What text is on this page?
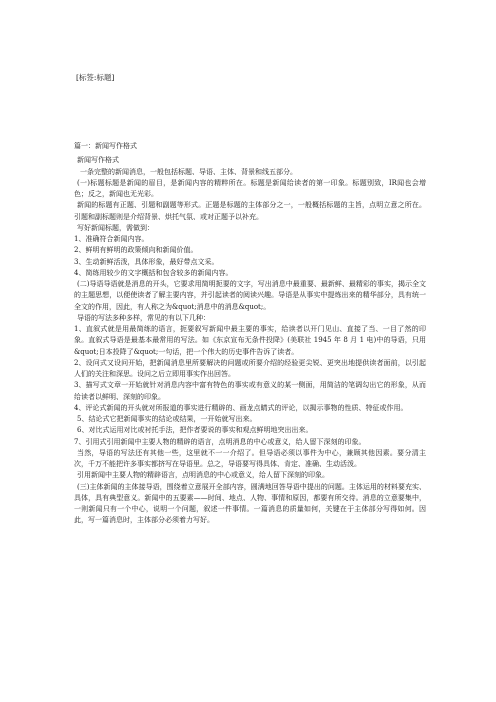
[标签:标题]

篇一：新闻写作格式

新闻写作格式

一条完整的新闻消息，一般包括标题、导语、主体、背景和线五部分。

(一)标题标题是新闻的眉目，是新闻内容的精粹所在。标题是新闻给读者的第一印象。标题别致，IR闻也会增色；反之，新闻也无光彩。

新闻的标题有正题、引题和副题等形式。正题是标题的主体部分之一，一般概括标题的主旨，点明立意之所在。引题和副标题则是介绍背景、烘托气氛、或对正题予以补充。

写好新闻标题，需做到：

1、准确符合新闻内容。

2、鲜明有鲜明的政策倾向和新闻价值。

3、生动新鲜活泼，具体形象，最好带点文采。

4、简练用较少的文字概括和包含较多的新闻内容。

(二)导语导语就是消息的开头，它要求用简明扼要的文字，写出消息中最重要、最新鲜、最精彩的事实，揭示全文的主题思想，以便使读者了解主要内容，并引起读者的阅读兴趣。导语是从事实中提炼出来的精华部分，具有统一全文的作用，因此，有人称之为&quot;消息中的消息&quot;。

导语的写法多种多样，常见的有以下几种：

1、直叙式就是用最简练的语言，扼要叙写新闻中最主要的事实，给读者以开门见山、直接了当、一目了然的印象。直叙式导语是最基本最常用的写法。如《东京宣布无条件投降》(美联社 1945 年 8 月 1 电)中的导语，只用&quot;日本投降了&quot;一句话，把一个伟大的历史事件告诉了读者。

2、设问式又设问开始，把新闻消息里所要解决的问题或所要介绍的经验更尖锐、更突出地提供读者面前，以引起人们的关注和深思。设问之后立即用事实作出回答。

3、描写式文章一开始就针对消息内容中富有特色的事实或有意义的某一侧面，用简洁的笔调勾出它的形象，从而给读者以鲜明、深刻的印象。

4、评论式新闻的开头就对所报道的事实进行精辟的、画龙点睛式的评论，以揭示事物的性质、特征或作用。

5、结论式它把新闻事实的结论或结果，一开始就写出来。

6、对比式运用对比或衬托手法，把作者要说的事实和观点鲜明地突出出来。

7、引用式引用新闻中主要人物的精辟的语言，点明消息的中心或意义，给人留下深刻的印象。

当然，导语的写法还有其他一些，这里就不一一介绍了。但导语必须以事件为中心，兼顾其他因素。要分清主次，千万不能把许多事实都挤写在导语里。总之，导语要写得具体、肯定、准确、生动活泼。

引用新闻中主要人物的精辟语言，点明消息的中心或意义，给人留下深刻的印象。

(三)主体新闻的主体接导语，围绕着立意展开全部内容，圆满地回答导语中提出的问题。主体运用的材料要充实、具体，具有典型意义。新闻中的五要素——时间、地点、人物、事情和原因，都要有所交待。消息的立意要集中，一则新闻只有一个中心，说明一个问题，叙述一件事情。一篇消息的质量如何，关键在于主体部分写得如何。因此，写一篇消息时，主体部分必须着力写好。
